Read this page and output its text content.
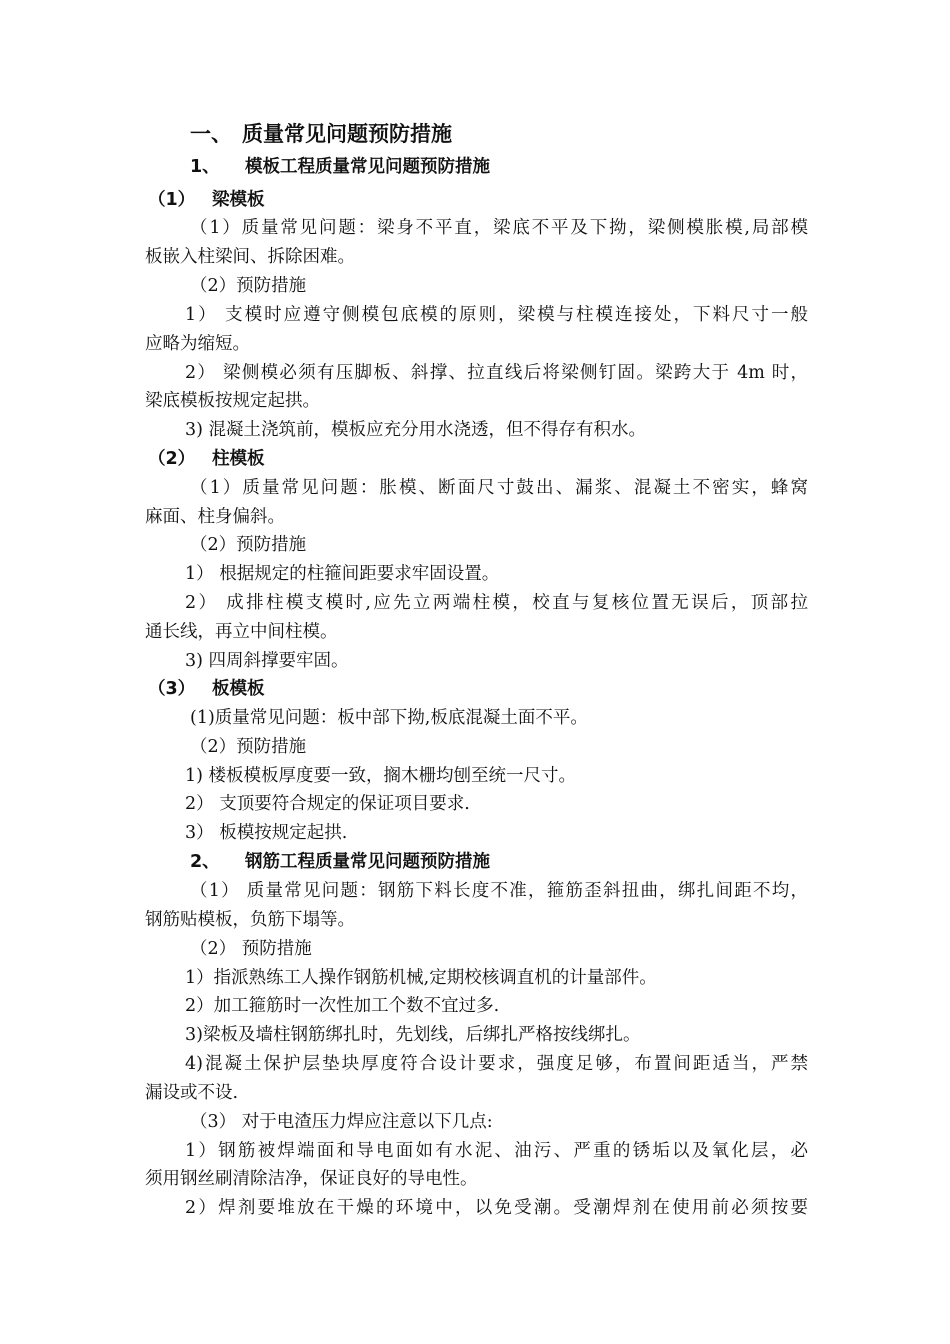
一、 质量常见问题预防措施
1、 模板工程质量常见问题预防措施
（1） 梁模板
（1）质量常见问题：梁身不平直，梁底不平及下拗，梁侧模胀模,局部模
板嵌入柱梁间、拆除困难。
（2）预防措施
1） 支模时应遵守侧模包底模的原则，梁模与柱模连接处，下料尺寸一般
应略为缩短。
2） 梁侧模必须有压脚板、斜撑、拉直线后将梁侧钉固。梁跨大于 4m 时，
梁底模板按规定起拱。
3) 混凝土浇筑前，模板应充分用水浇透，但不得存有积水。
（2） 柱模板
（1）质量常见问题：胀模、断面尺寸鼓出、漏浆、混凝土不密实，蜂窝
麻面、柱身偏斜。
（2）预防措施
1） 根据规定的柱箍间距要求牢固设置。
2） 成排柱模支模时,应先立两端柱模，校直与复核位置无误后，顶部拉
通长线，再立中间柱模。
3) 四周斜撑要牢固。
（3） 板模板
(1)质量常见问题：板中部下拗,板底混凝土面不平。
（2）预防措施
1) 楼板模板厚度要一致，搁木栅均刨至统一尺寸。
2） 支顶要符合规定的保证项目要求.
3） 板模按规定起拱.
2、 钢筋工程质量常见问题预防措施
（1） 质量常见问题：钢筋下料长度不准，箍筋歪斜扭曲，绑扎间距不均，
钢筋贴模板，负筋下塌等。
（2） 预防措施
1）指派熟练工人操作钢筋机械,定期校核调直机的计量部件。
2）加工箍筋时一次性加工个数不宜过多.
3)梁板及墙柱钢筋绑扎时，先划线，后绑扎严格按线绑扎。
4)混凝土保护层垫块厚度符合设计要求，强度足够，布置间距适当，严禁
漏设或不设.
（3） 对于电渣压力焊应注意以下几点:
1）钢筋被焊端面和导电面如有水泥、油污、严重的锈垢以及氧化层，必
须用钢丝刷清除洁净，保证良好的导电性。
2）焊剂要堆放在干燥的环境中，以免受潮。受潮焊剂在使用前必须按要
